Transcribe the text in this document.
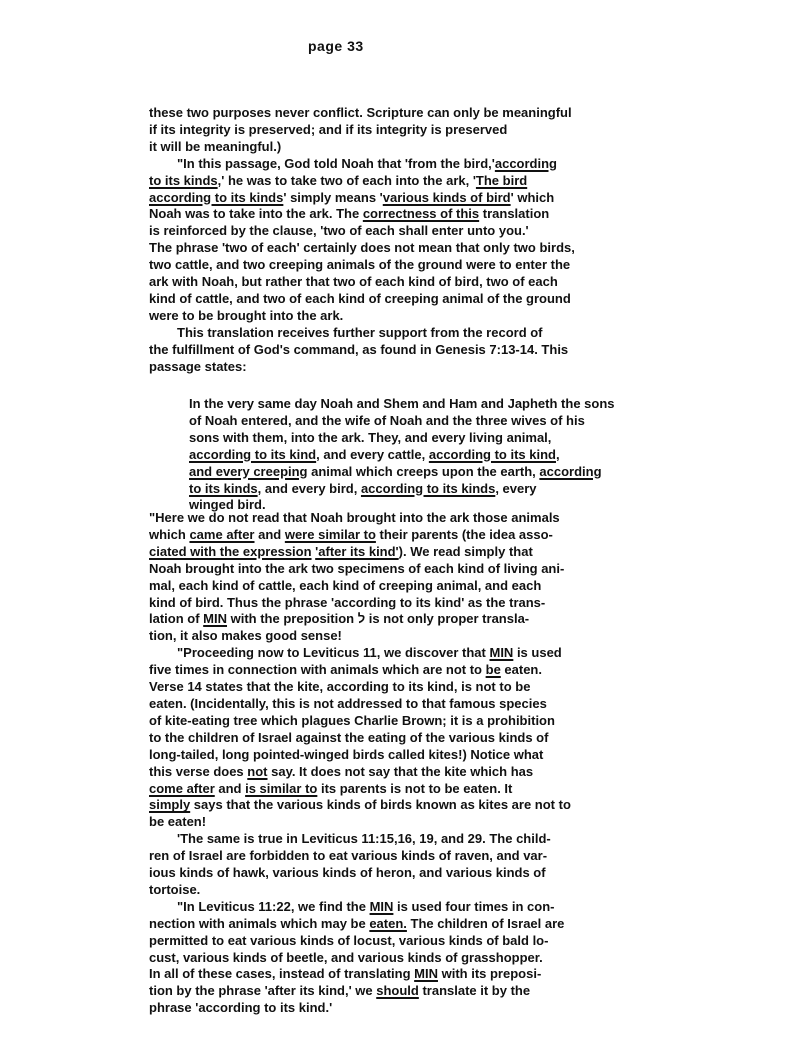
page 33

these two purposes never conflict. Scripture can only be meaningful
if its integrity is preserved; and if its integrity is preserved
it will be meaningful.)
"In this passage, God told Noah that 'from the bird,'according
to its kinds,' he was to take two of each into the ark, 'The bird
according to its kinds' simply means 'various kinds of bird' which
Noah was to take into the ark. The correctness of this translation
is reinforced by the clause, 'two of each shall enter unto you.'
The phrase 'two of each' certainly does not mean that only two birds,
two cattle, and two creeping animals of the ground were to enter the
ark with Noah, but rather that two of each kind of bird, two of each
kind of cattle, and two of each kind of creeping animal of the ground
were to be brought into the ark.
This translation receives further support from the record of
the fulfillment of God's command, as found in Genesis 7:13-14. This
passage states:

In the very same day Noah and Shem and Ham and Japheth the sons
of Noah entered, and the wife of Noah and the three wives of his
sons with them, into the ark. They, and every living animal,
according to its kind, and every cattle, according to its kind,
and every creeping animal which creeps upon the earth, according
to its kinds, and every bird, according to its kinds, every
winged bird.

"Here we do not read that Noah brought into the ark those animals
which came after and were similar to their parents (the idea asso-
ciated with the expression 'after its kind'). We read simply that
Noah brought into the ark two specimens of each kind of living ani-
mal, each kind of cattle, each kind of creeping animal, and each
kind of bird. Thus the phrase 'according to its kind' as the trans-
lation of MIN with the preposition ל is not only proper transla-
tion, it also makes good sense!
"Proceeding now to Leviticus 11, we discover that MIN is used
five times in connection with animals which are not to be eaten.
Verse 14 states that the kite, according to its kind, is not to be
eaten. (Incidentally, this is not addressed to that famous species
of kite-eating tree which plagues Charlie Brown; it is a prohibition
to the children of Israel against the eating of the various kinds of
long-tailed, long pointed-winged birds called kites!) Notice what
this verse does not say. It does not say that the kite which has
come after and is similar to its parents is not to be eaten. It
simply says that the various kinds of birds known as kites are not to
be eaten!
'The same is true in Leviticus 11:15,16, 19, and 29. The child-
ren of Israel are forbidden to eat various kinds of raven, and var-
ious kinds of hawk, various kinds of heron, and various kinds of
tortoise.
"In Leviticus 11:22, we find the MIN is used four times in con-
nection with animals which may be eaten. The children of Israel are
permitted to eat various kinds of locust, various kinds of bald lo-
cust, various kinds of beetle, and various kinds of grasshopper.
In all of these cases, instead of translating MIN with its preposi-
tion by the phrase 'after its kind,' we should translate it by the
phrase 'according to its kind.'
